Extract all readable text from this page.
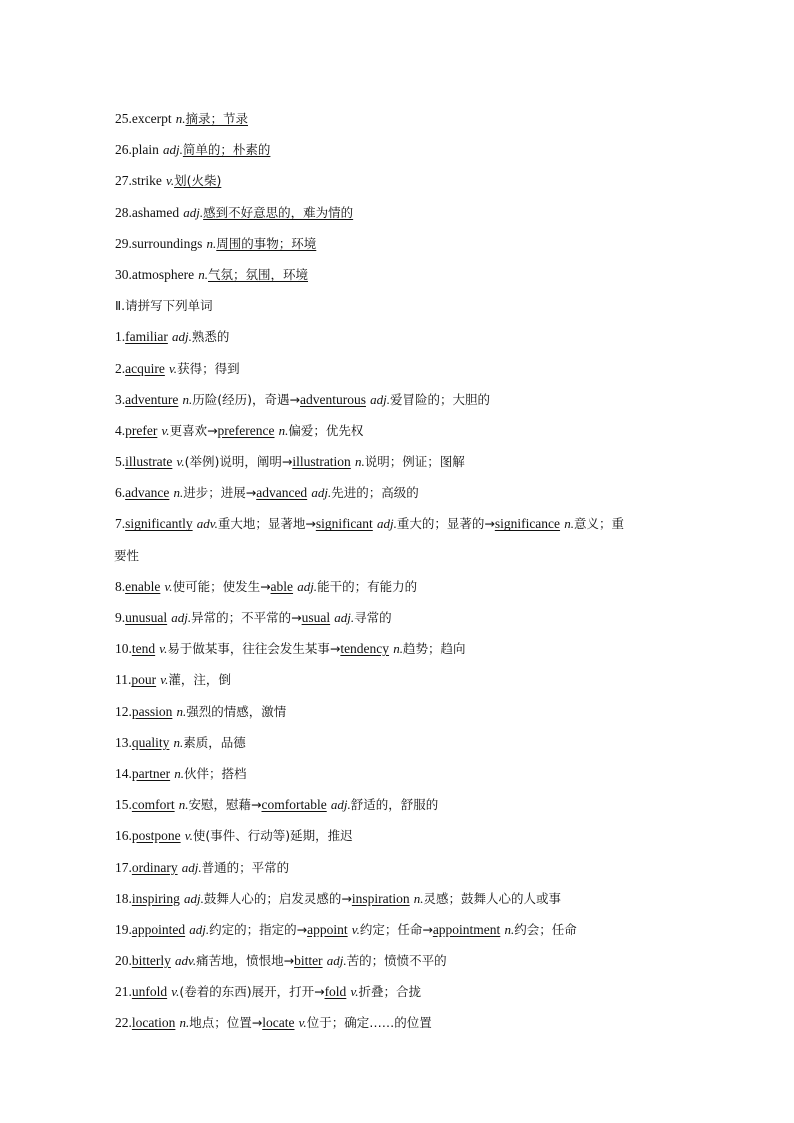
25.excerpt n.摘录；节录
26.plain adj.简单的；朴素的
27.strike v.划(火柴)
28.ashamed adj.感到不好意思的，难为情的
29.surroundings n.周围的事物；环境
30.atmosphere n.气氛；氛围，环境
Ⅱ.请拼写下列单词
1.familiar adj.熟悉的
2.acquire v.获得；得到
3.adventure n.历险(经历)，奇遇→adventurous adj.爱冒险的；大胆的
4.prefer v.更喜欢→preference n.偏爱；优先权
5.illustrate v.(举例)说明，阐明→illustration n.说明；例证；图解
6.advance n.进步；进展→advanced adj.先进的；高级的
7.significantly adv.重大地；显著地→significant adj.重大的；显著的→significance n.意义；重
要性
8.enable v.使可能；使发生→able adj.能干的；有能力的
9.unusual adj.异常的；不平常的→usual adj.寻常的
10.tend v.易于做某事，往往会发生某事→tendency n.趋势；趋向
11.pour v.灌，注，倒
12.passion n.强烈的情感，激情
13.quality n.素质，品德
14.partner n.伙伴；搭档
15.comfort n.安慰，慰藉→comfortable adj.舒适的，舒服的
16.postpone v.使(事件、行动等)延期，推迟
17.ordinary adj.普通的；平常的
18.inspiring adj.鼓舞人心的；启发灵感的→inspiration n.灵感；鼓舞人心的人或事
19.appointed adj.约定的；指定的→appoint v.约定；任命→appointment n.约会；任命
20.bitterly adv.痛苦地，愤恨地→bitter adj.苦的；愤愤不平的
21.unfold v.(卷着的东西)展开，打开→fold v.折叠；合拢
22.location n.地点；位置→locate v.位于；确定……的位置
